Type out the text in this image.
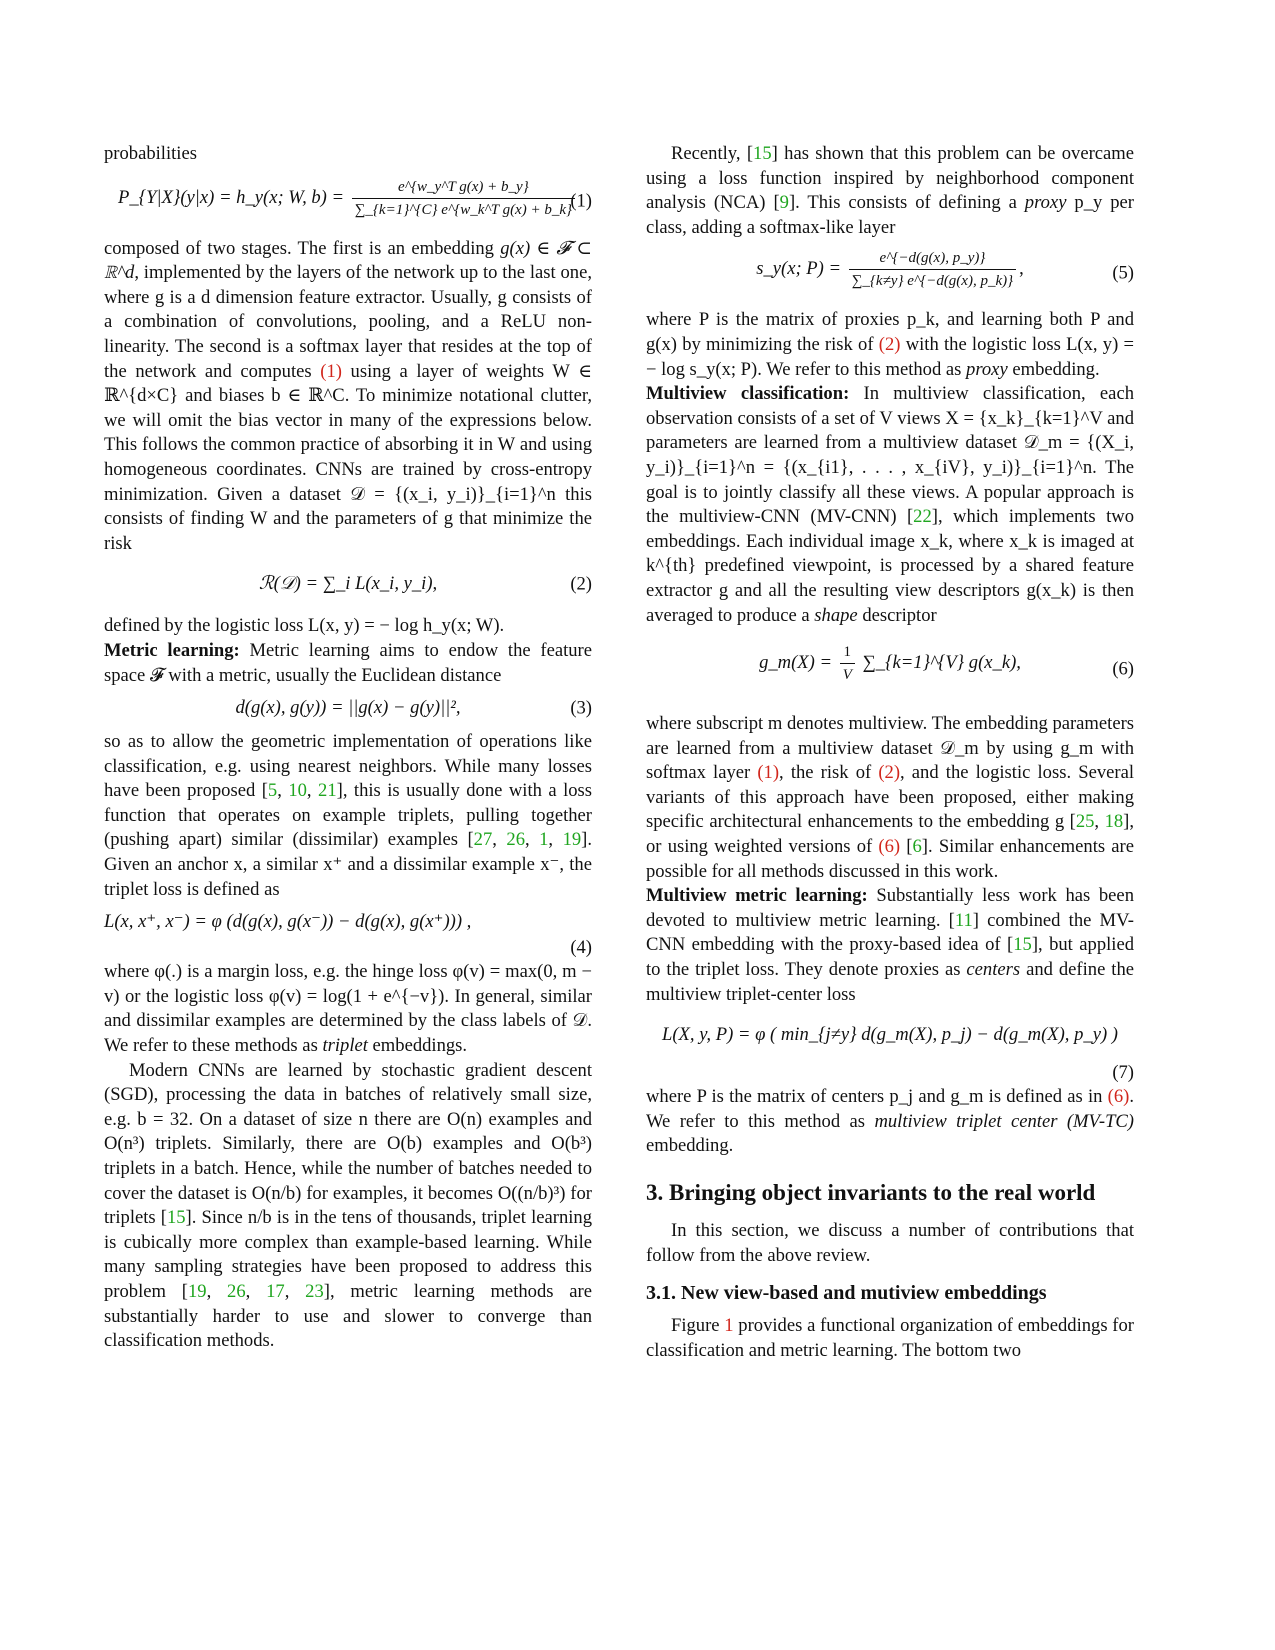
probabilities

P_{Y|X}(y|x) = h_y(x; W, $b) = \frac{\text{e\textasciicircum{}\{w\_y\textasciicircum{}T g(x) + b\_y\}}}{\text{∑\_\{k=1\}\textasciicircum{}\{C\} e\textasciicircum{}\{w\_k\textasciicircum{}T g(x) + b\_k\}}}$
(1)

composed of two stages. The first is an embedding g(x) ∈ 𝓕 ⊂ ℝ^d, implemented by the layers of the network up to the last one, where g is a d dimension feature extractor. Usually, g consists of a combination of convolutions, pooling, and a ReLU non-linearity. The second is a softmax layer that resides at the top of the network and computes (1) using a layer of weights W ∈ ℝ^{d×C} and biases b ∈ ℝ^C. To minimize notational clutter, we will omit the bias vector in many of the expressions below. This follows the common practice of absorbing it in W and using homogeneous coordinates. CNNs are trained by cross-entropy minimization. Given a dataset 𝒟 = {(x_i, y_i)}_{i=1}^n this consists of finding W and the parameters of g that minimize the risk

ℛ(𝒟) = ∑_i L(x_i, y_i),	(2)

defined by the logistic loss L(x, y) = − log h_y(x; W).

Metric learning: Metric learning aims to endow the feature space 𝓕 with a metric, usually the Euclidean distance

d(g(x), g(y)) = ||g(x) − g(y)||²,	(3)

so as to allow the geometric implementation of operations like classification, e.g. using nearest neighbors. While many losses have been proposed [5, 10, 21], this is usually done with a loss function that operates on example triplets, pulling together (pushing apart) similar (dissimilar) examples [27, 26, 1, 19]. Given an anchor x, a similar x⁺ and a dissimilar example x⁻, the triplet loss is defined as

L(x, x⁺, x⁻) = φ (d(g(x), g(x⁻)) − d(g(x), g(x⁺))) ,
(4)

where φ(.) is a margin loss, e.g. the hinge loss φ(v) = max(0, m − v) or the logistic loss φ(v) = log(1 + e^{−v}). In general, similar and dissimilar examples are determined by the class labels of 𝒟. We refer to these methods as triplet embeddings.

Modern CNNs are learned by stochastic gradient descent (SGD), processing the data in batches of relatively small size, e.g. b = 32. On a dataset of size n there are O(n) examples and O(n³) triplets. Similarly, there are O(b) examples and O(b³) triplets in a batch. Hence, while the number of batches needed to cover the dataset is O(n/b) for examples, it becomes O((n/b)³) for triplets [15]. Since n/b is in the tens of thousands, triplet learning is cubically more complex than example-based learning. While many sampling strategies have been proposed to address this problem [19, 26, 17, 23], metric learning methods are substantially harder to use and slower to converge than classification methods.

Recently, [15] has shown that this problem can be overcame using a loss function inspired by neighborhood component analysis (NCA) [9]. This consists of defining a proxy p_y per class, adding a softmax-like layer

s_y(x; $P) = \frac{e\^{}\{-d(g(x), p\_y)\}}{\sum\_\{k\ne y\} e\^{}\{-d(g(x), p\_k)\}}$ ,	(5)

where P is the matrix of proxies p_k, and learning both P and g(x) by minimizing the risk of (2) with the logistic loss L(x, y) = − log s_y(x; P). We refer to this method as proxy embedding.

Multiview classification: In multiview classification, each observation consists of a set of V views X = {x_k}_{k=1}^V and parameters are learned from a multiview dataset 𝒟_m = {(X_i, y_i)}_{i=1}^n = {(x_{i1}, . . . , x_{iV}, y_i)}_{i=1}^n. The goal is to jointly classify all these views. A popular approach is the multiview-CNN (MV-CNN) [22], which implements two embeddings. Each individual image x_k, where x_k is imaged at k^{th} predefined viewpoint, is processed by a shared feature extractor g and all the resulting view descriptors g(x_k) is then averaged to produce a shape descriptor

g_m(X) = $\frac{1}{V}$ ∑_{k=1}^{V} g(x_k),	(6)

where subscript m denotes multiview. The embedding parameters are learned from a multiview dataset 𝒟_m by using g_m with softmax layer (1), the risk of (2), and the logistic loss. Several variants of this approach have been proposed, either making specific architectural enhancements to the embedding g [25, 18], or using weighted versions of (6) [6]. Similar enhancements are possible for all methods discussed in this work.

Multiview metric learning: Substantially less work has been devoted to multiview metric learning. [11] combined the MV-CNN embedding with the proxy-based idea of [15], but applied to the triplet loss. They denote proxies as centers and define the multiview triplet-center loss

L(X, y, P) = φ ( min_{j≠y} d(g_m(X), p_j) − d(g_m(X), p_y) )
(7)

where P is the matrix of centers p_j and g_m is defined as in (6). We refer to this method as multiview triplet center (MV-TC) embedding.

3. Bringing object invariants to the real world

In this section, we discuss a number of contributions that follow from the above review.

3.1. New view-based and mutiview embeddings

Figure 1 provides a functional organization of embeddings for classification and metric learning. The bottom two
